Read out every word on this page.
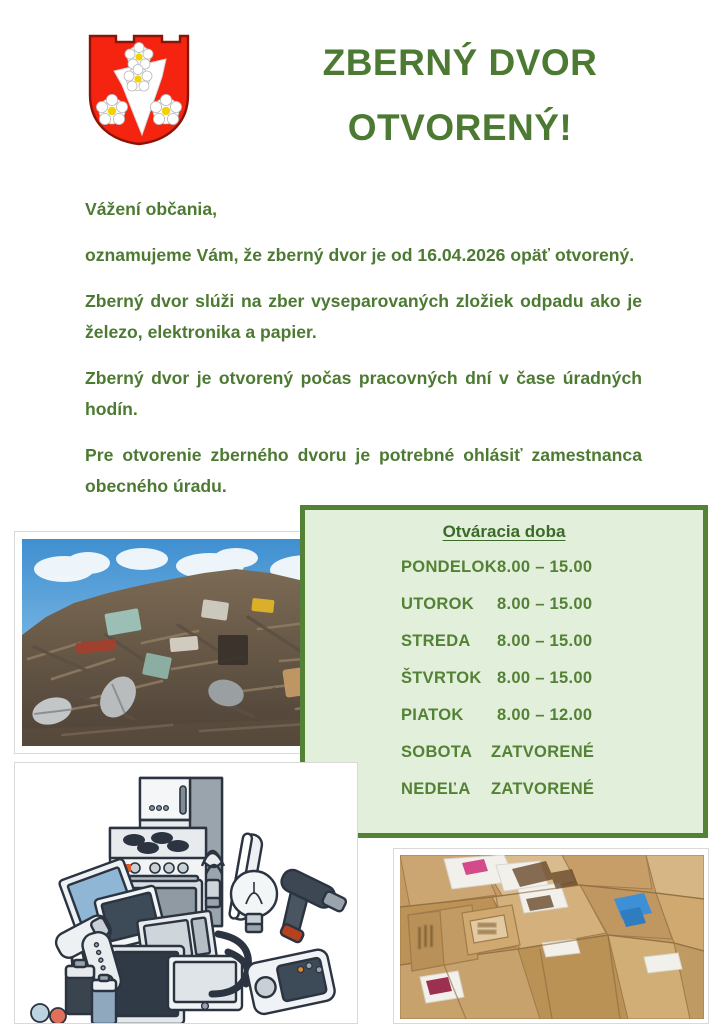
ZBERNÝ DVOR
OTVORENÝ!

Vážení občania,

oznamujeme Vám, že zberný dvor je od 16.04.2026 opäť otvorený.

Zberný dvor slúži na zber vyseparovaných zložiek odpadu ako je železo, elektronika a papier.

Zberný dvor je otvorený počas pracovných dní v čase úradných hodín.

Pre otvorenie zberného dvoru je potrebné ohlásiť zamestnanca obecného úradu.

Otváracia doba
PONDELOK 8.00 – 15.00
UTOROK	8.00 – 15.00
STREDA	8.00 – 15.00
ŠTVRTOK 8.00 – 15.00
PIATOK	8.00 – 12.00
SOBOTA	ZATVORENÉ
NEDEĽA	ZATVORENÉ
